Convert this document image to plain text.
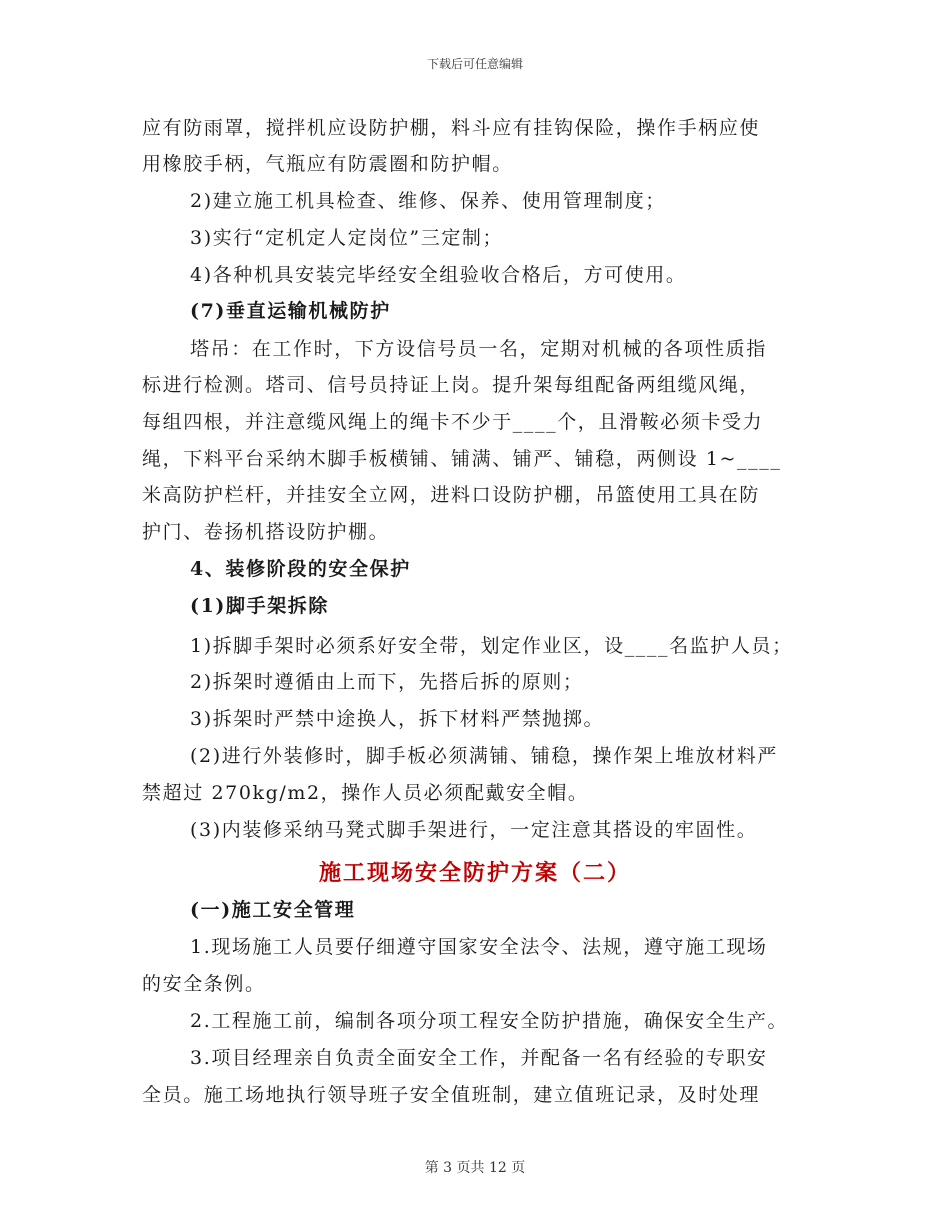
下载后可任意编辑
应有防雨罩，搅拌机应设防护棚，料斗应有挂钩保险，操作手柄应使
用橡胶手柄，气瓶应有防震圈和防护帽。
2)建立施工机具检查、维修、保养、使用管理制度；
3)实行“定机定人定岗位”三定制；
4)各种机具安装完毕经安全组验收合格后，方可使用。
(7)垂直运输机械防护
塔吊：在工作时，下方设信号员一名，定期对机械的各项性质指
标进行检测。塔司、信号员持证上岗。提升架每组配备两组缆风绳，
每组四根，并注意缆风绳上的绳卡不少于____个，且滑鞍必须卡受力
绳，下料平台采纳木脚手板横铺、铺满、铺严、铺稳，两侧设 1~____
米高防护栏杆，并挂安全立网，进料口设防护棚，吊篮使用工具在防
护门、卷扬机搭设防护棚。
4、装修阶段的安全保护
(1)脚手架拆除
1)拆脚手架时必须系好安全带，划定作业区，设____名监护人员；
2)拆架时遵循由上而下，先搭后拆的原则；
3)拆架时严禁中途换人，拆下材料严禁抛掷。
(2)进行外装修时，脚手板必须满铺、铺稳，操作架上堆放材料严
禁超过 270kg/m2，操作人员必须配戴安全帽。
(3)内装修采纳马凳式脚手架进行，一定注意其搭设的牢固性。
施工现场安全防护方案（二）
(一)施工安全管理
1.现场施工人员要仔细遵守国家安全法令、法规，遵守施工现场
的安全条例。
2.工程施工前，编制各项分项工程安全防护措施，确保安全生产。
3.项目经理亲自负责全面安全工作，并配备一名有经验的专职安
全员。施工场地执行领导班子安全值班制，建立值班记录，及时处理
第 3 页共 12 页
